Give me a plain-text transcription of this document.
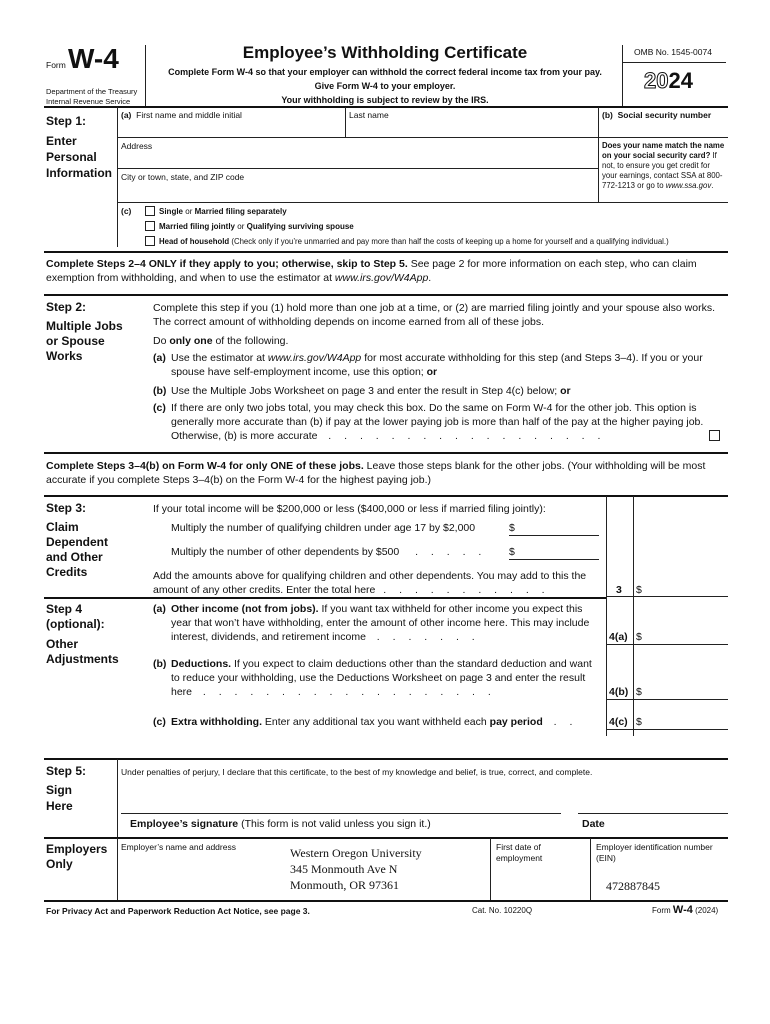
Form W-4
Department of the Treasury
Internal Revenue Service
Employee’s Withholding Certificate
Complete Form W-4 so that your employer can withhold the correct federal income tax from your pay.
Give Form W-4 to your employer.
Your withholding is subject to review by the IRS.
OMB No. 1545-0074
2024
Step 1:
Enter
Personal
Information
(a) First name and middle initial	Last name	(b) Social security number
Address
City or town, state, and ZIP code
Does your name match the name on your social security card? If not, to ensure you get credit for your earnings, contact SSA at 800-772-1213 or go to www.ssa.gov.
(c)	Single or Married filing separately
Married filing jointly or Qualifying surviving spouse
Head of household (Check only if you’re unmarried and pay more than half the costs of keeping up a home for yourself and a qualifying individual.)
Complete Steps 2–4 ONLY if they apply to you; otherwise, skip to Step 5. See page 2 for more information on each step, who can claim exemption from withholding, and when to use the estimator at www.irs.gov/W4App.
Step 2:
Multiple Jobs
or Spouse
Works
Complete this step if you (1) hold more than one job at a time, or (2) are married filing jointly and your spouse also works. The correct amount of withholding depends on income earned from all of these jobs.
Do only one of the following.
(a) Use the estimator at www.irs.gov/W4App for most accurate withholding for this step (and Steps 3–4). If you or your spouse have self-employment income, use this option; or
(b) Use the Multiple Jobs Worksheet on page 3 and enter the result in Step 4(c) below; or
(c) If there are only two jobs total, you may check this box. Do the same on Form W-4 for the other job. This option is generally more accurate than (b) if pay at the lower paying job is more than half of the pay at the higher paying job. Otherwise, (b) is more accurate  . . . . . . . . . . . . . . . . . .
Complete Steps 3–4(b) on Form W-4 for only ONE of these jobs. Leave those steps blank for the other jobs. (Your withholding will be most accurate if you complete Steps 3–4(b) on the Form W-4 for the highest paying job.)
Step 3:
Claim
Dependent
and Other
Credits
If your total income will be $200,000 or less ($400,000 or less if married filing jointly):
Multiply the number of qualifying children under age 17 by $2,000	$
Multiply the number of other dependents by $500  . . . . . $
Add the amounts above for qualifying children and other dependents. You may add to this the amount of any other credits. Enter the total here . . . . . . . . . . .	3 $
Step 4
(optional):
Other
Adjustments
(a) Other income (not from jobs). If you want tax withheld for other income you expect this year that won’t have withholding, enter the amount of other income here. This may include interest, dividends, and retirement income  . . . . . . .	4(a) $
(b) Deductions. If you expect to claim deductions other than the standard deduction and want to reduce your withholding, use the Deductions Worksheet on page 3 and enter the result here  . . . . . . . . . . . . . . . . . . .	4(b) $
(c) Extra withholding. Enter any additional tax you want withheld each pay period  . .	4(c) $
Step 5:
Sign
Here
Under penalties of perjury, I declare that this certificate, to the best of my knowledge and belief, is true, correct, and complete.
Employee’s signature (This form is not valid unless you sign it.)	Date
Employers
Only
Employer’s name and address	Western Oregon University
345 Monmouth Ave N
Monmouth, OR 97361
First date of employment
Employer identification number (EIN)
472887845
For Privacy Act and Paperwork Reduction Act Notice, see page 3.	Cat. No. 10220Q	Form W-4 (2024)
